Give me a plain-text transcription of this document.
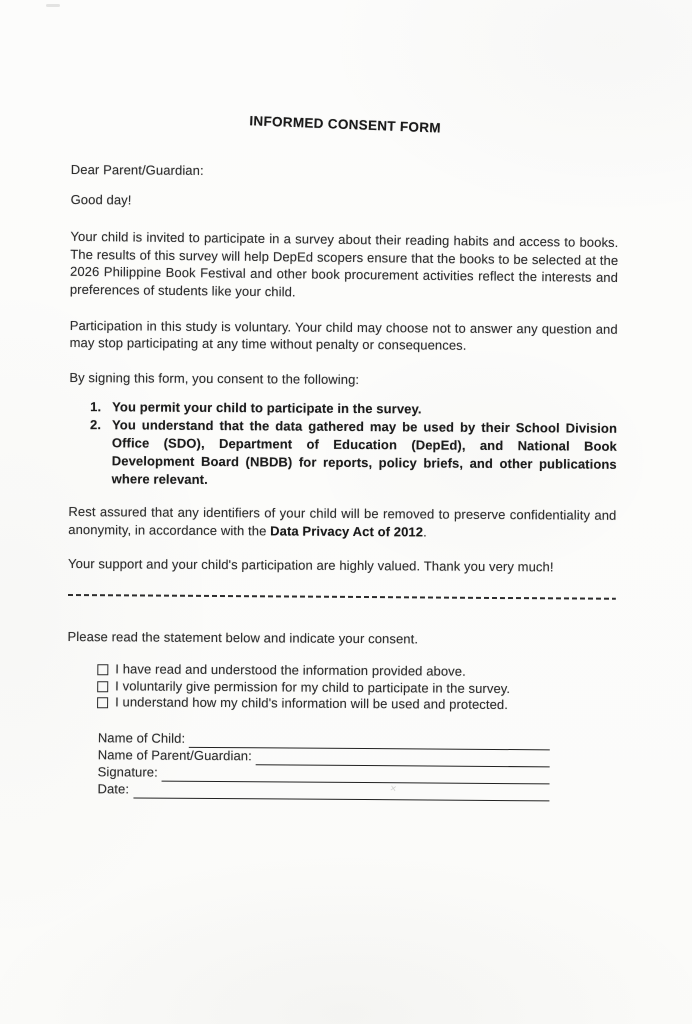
INFORMED CONSENT FORM
Dear Parent/Guardian:
Good day!
Your child is invited to participate in a survey about their reading habits and access to books. The results of this survey will help DepEd scopers ensure that the books to be selected at the 2026 Philippine Book Festival and other book procurement activities reflect the interests and preferences of students like your child.
Participation in this study is voluntary. Your child may choose not to answer any question and may stop participating at any time without penalty or consequences.
By signing this form, you consent to the following:
1. You permit your child to participate in the survey.
2. You understand that the data gathered may be used by their School Division Office (SDO), Department of Education (DepEd), and National Book Development Board (NBDB) for reports, policy briefs, and other publications where relevant.
Rest assured that any identifiers of your child will be removed to preserve confidentiality and anonymity, in accordance with the Data Privacy Act of 2012.
Your support and your child's participation are highly valued. Thank you very much!
Please read the statement below and indicate your consent.
I have read and understood the information provided above.
I voluntarily give permission for my child to participate in the survey.
I understand how my child's information will be used and protected.
Name of Child:
Name of Parent/Guardian:
Signature:
Date:	×
